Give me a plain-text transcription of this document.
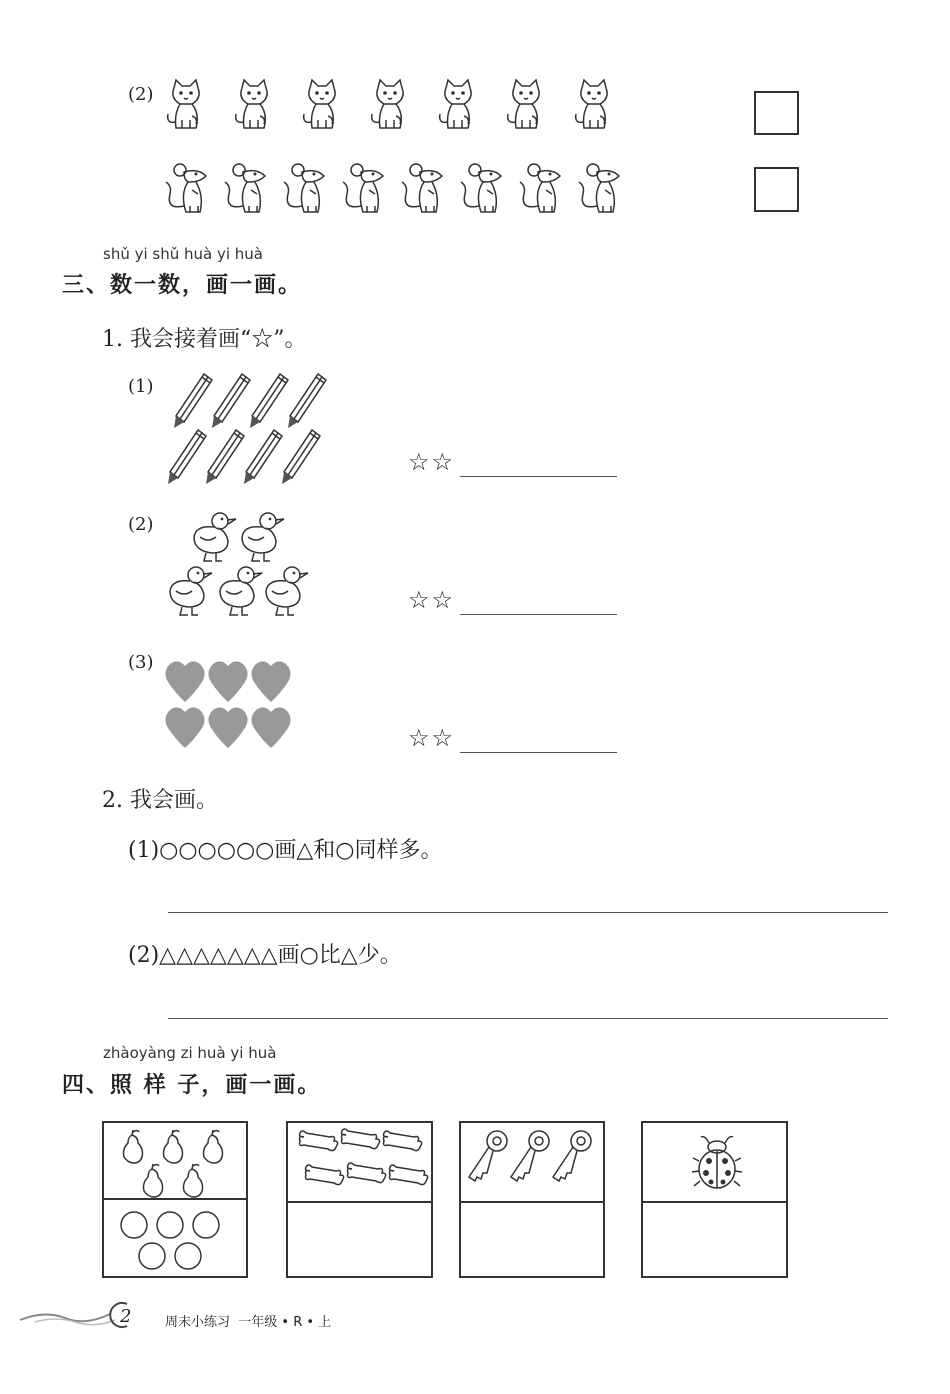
(2)
shǔ yi shǔ huà yi huà
三、数一数，画一画。
1. 我会接着画“☆”。
(1)
☆☆
(2)
☆☆
(3)
☆☆
2. 我会画。
(1)○○○○○○画△和○同样多。
(2)△△△△△△△画○比△少。
zhàoyàng zi huà yi huà
四、照 样 子，画一画。
2	周末小练习  一年级 • R • 上
